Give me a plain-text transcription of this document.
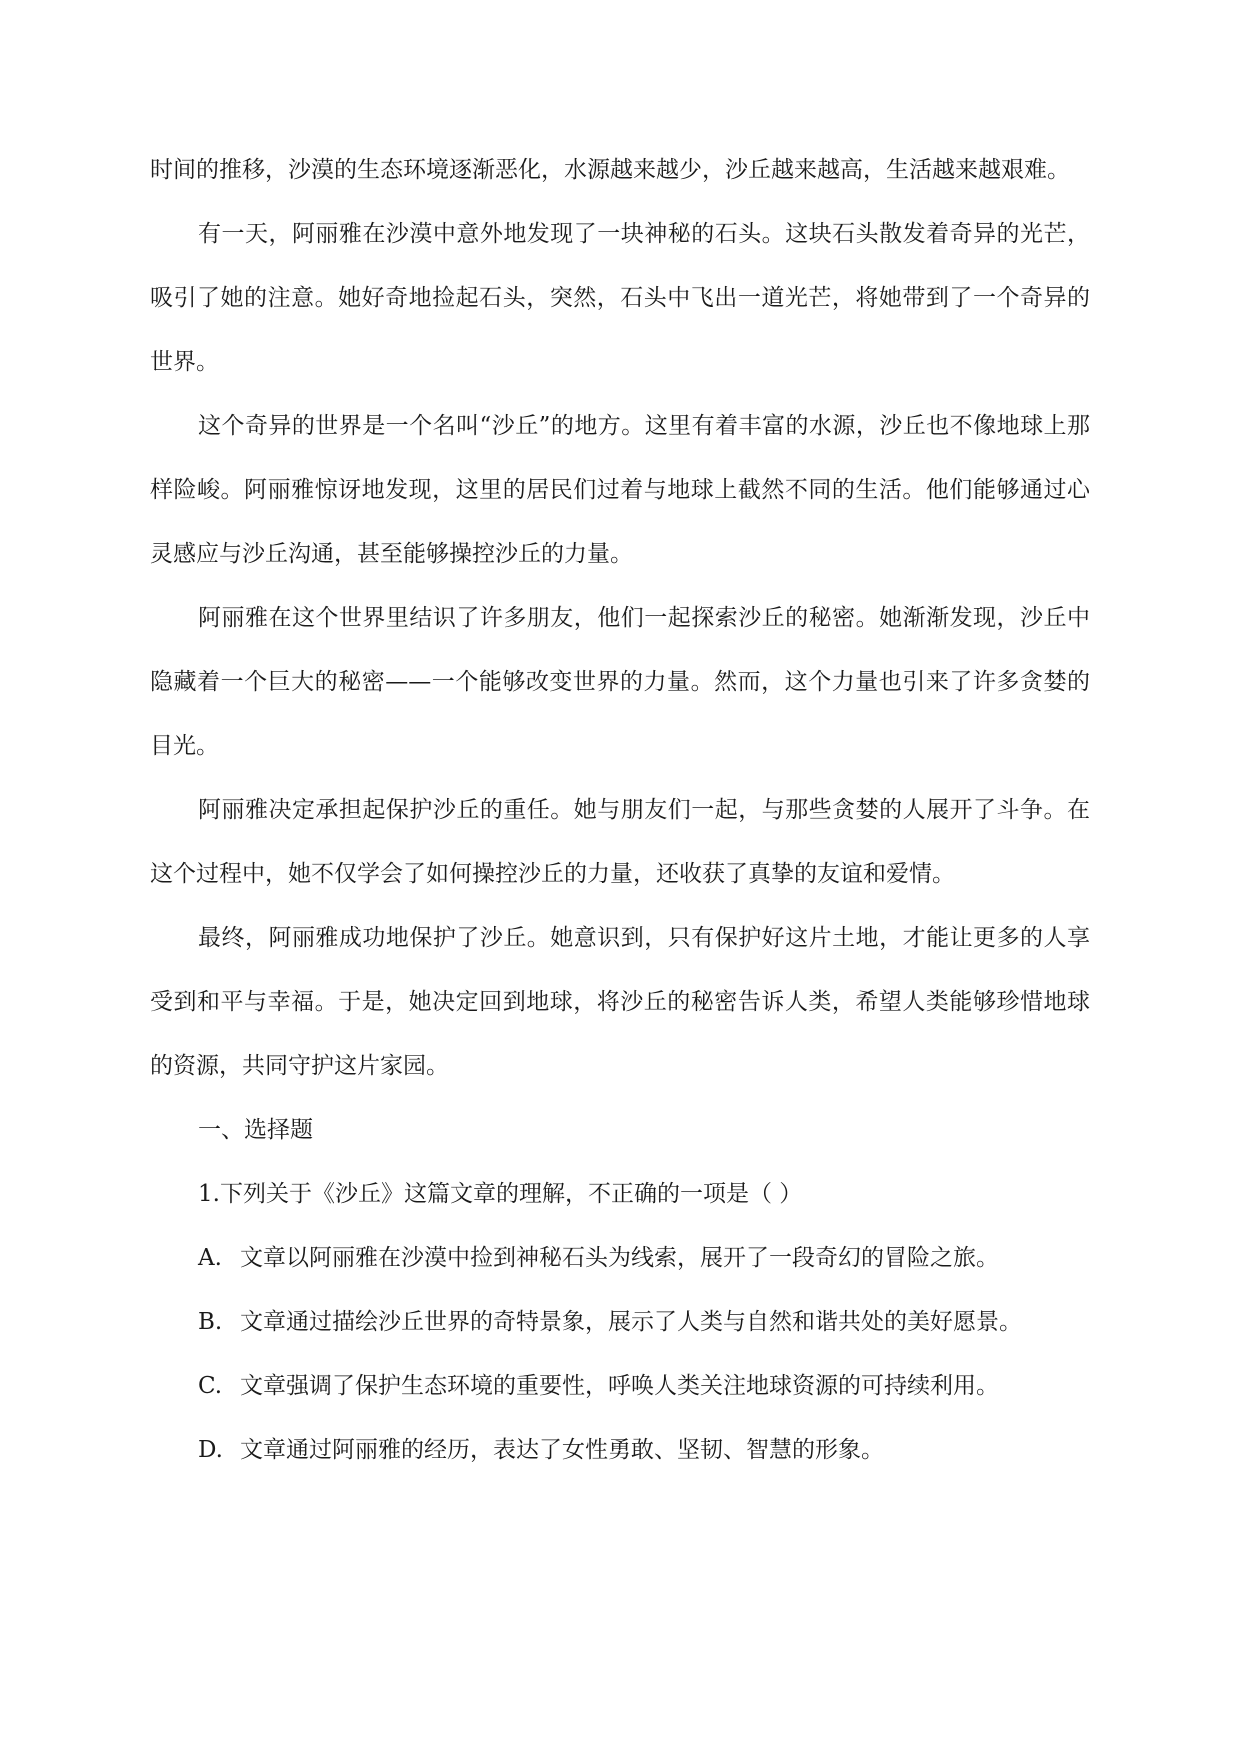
时间的推移，沙漠的生态环境逐渐恶化，水源越来越少，沙丘越来越高，生活越来越艰难。

有一天，阿丽雅在沙漠中意外地发现了一块神秘的石头。这块石头散发着奇异的光芒，吸引了她的注意。她好奇地捡起石头，突然，石头中飞出一道光芒，将她带到了一个奇异的世界。

这个奇异的世界是一个名叫“沙丘”的地方。这里有着丰富的水源，沙丘也不像地球上那样险峻。阿丽雅惊讶地发现，这里的居民们过着与地球上截然不同的生活。他们能够通过心灵感应与沙丘沟通，甚至能够操控沙丘的力量。

阿丽雅在这个世界里结识了许多朋友，他们一起探索沙丘的秘密。她渐渐发现，沙丘中隐藏着一个巨大的秘密——一个能够改变世界的力量。然而，这个力量也引来了许多贪婪的目光。

阿丽雅决定承担起保护沙丘的重任。她与朋友们一起，与那些贪婪的人展开了斗争。在这个过程中，她不仅学会了如何操控沙丘的力量，还收获了真挚的友谊和爱情。

最终，阿丽雅成功地保护了沙丘。她意识到，只有保护好这片土地，才能让更多的人享受到和平与幸福。于是，她决定回到地球，将沙丘的秘密告诉人类，希望人类能够珍惜地球的资源，共同守护这片家园。

一、选择题

1.下列关于《沙丘》这篇文章的理解，不正确的一项是（ ）

A. 文章以阿丽雅在沙漠中捡到神秘石头为线索，展开了一段奇幻的冒险之旅。

B. 文章通过描绘沙丘世界的奇特景象，展示了人类与自然和谐共处的美好愿景。

C. 文章强调了保护生态环境的重要性，呼唤人类关注地球资源的可持续利用。

D. 文章通过阿丽雅的经历，表达了女性勇敢、坚韧、智慧的形象。
